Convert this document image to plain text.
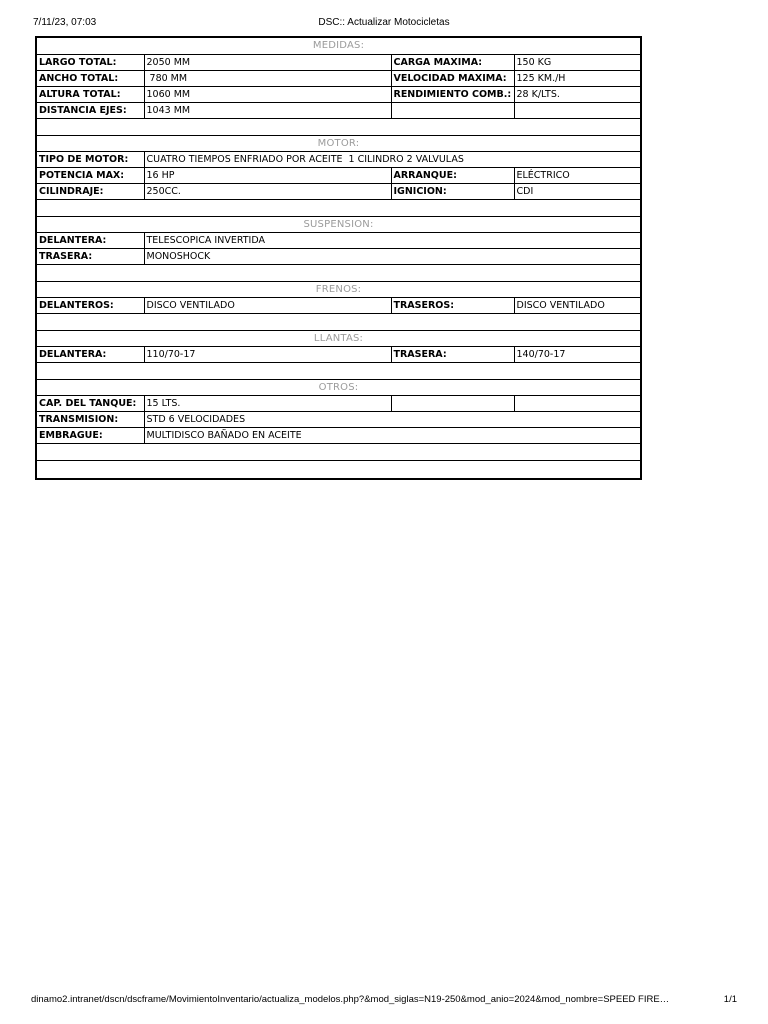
7/11/23, 07:03	DSC:: Actualizar Motocicletas
MEDIDAS:			
LARGO TOTAL:	2050 MM	CARGA MAXIMA:	150 KG
ANCHO TOTAL:	780 MM	VELOCIDAD MAXIMA:	125 KM./H
ALTURA TOTAL:	1060 MM	RENDIMIENTO COMB.:	28 K/LTS.
DISTANCIA EJES:	1043 MM		

MOTOR:			
TIPO DE MOTOR:	CUATRO TIEMPOS ENFRIADO POR ACEITE  1 CILINDRO 2 VALVULAS		
POTENCIA MAX:	16 HP	ARRANQUE:	ELÉCTRICO
CILINDRAJE:	250CC.	IGNICION:	CDI

SUSPENSION:			
DELANTERA:	TELESCOPICA INVERTIDA		
TRASERA:	MONOSHOCK		

FRENOS:			
DELANTEROS:	DISCO VENTILADO	TRASEROS:	DISCO VENTILADO

LLANTAS:			
DELANTERA:	110/70-17	TRASERA:	140/70-17

OTROS:			
CAP. DEL TANQUE:	15 LTS.		
TRANSMISION:	STD 6 VELOCIDADES		
EMBRAGUE:	MULTIDISCO BAÑADO EN ACEITE		

dinamo2.intranet/dscn/dscframe/MovimientoInventario/actualiza_modelos.php?&mod_siglas=N19-250&mod_anio=2024&mod_nombre=SPEED FIRE…	1/1
